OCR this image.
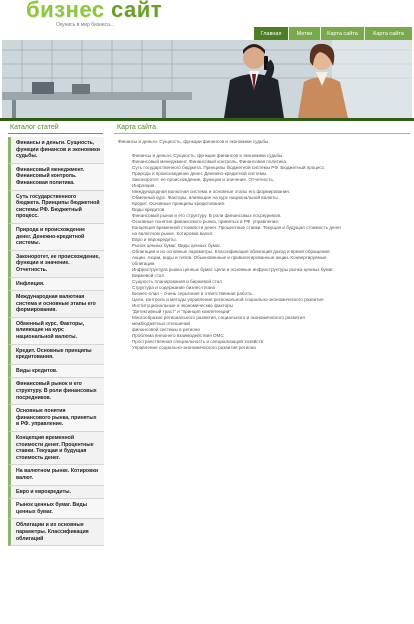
бизнес сайт
Окунись в мир бизнеса...
Главная	Метки	Карта сайта	Карта сайта
Каталог статей
Финансы и деньги. Сущность, функции финансов и экономики судьбы.
Финансовый менеджмент. Финансовый контроль. Финансовая политика.
Суть государственного бюджета. Принципы бюджетной системы РФ. Бюджетный процесс.
Природа и происхождение денег. Денежно-кредитной системы.
Законоротет, ее происхождение, функции и значение. Отчетность.
Инфляция.
Международная валютная система и основные этапы его формирования.
Обменный курс. Факторы, влияющие на курс национальной валюты.
Кредит. Основные принципы кредитования.
Виды кредитов.
Финансовый рынок и его структуру. В роли финансовых посредников.
Основные понятия финансового рынка, принятых в РФ. управление.
Концепция временной стоимости денег. Процентные ставки. Текущая и будущая стоимость денег.
На валютном рынке. Котировки валют.
Евро и еврокредиты.
Рынок ценных бумаг. Виды ценных бумаг.
Облигации и их основные параметры. Классификация облигаций
Карта сайта
Финансы и деньги. Сущность, функции финансов и экономики судьбы.
Финансы и деньги. Сущность, функции финансов и экономики судьбы.
Финансовый менеджмент. Финансовый контроль. Финансовая политика.
Суть государственного бюджета. Принципы бюджетной системы РФ. Бюджетный процесс.
Природа и происхождение денег. Денежно-кредитной системы.
Законоротет, ее происхождение, функции и значение. Отчетность.
Инфляция.
Международная валютная система и основные этапы его формирования.
Обменный курс. Факторы, влияющие на курс национальной валюты.
Кредит. Основные принципы кредитования.
Виды кредитов.
Финансовый рынок и его структуру. В роли финансовых посредников.
Основные понятия финансового рынка, принятых в РФ. управление.
Концепция временной стоимости денег. Процентные ставки. Текущая и будущая стоимость денег
на валютном рынке. Котировки валют.
Евро и еврокредиты.
Рынок ценных бумаг. Виды ценных бумаг.
Облигации и их основные параметры. Классификация облигаций доход и время обращения.
Акции. Акции, виды и типов. Обыкновенные и привилегированные акции. Конвертируемые
облигации.
Инфраструктура рынка ценных бумаг. Цели и основные инфраструктуры рынка ценных бумаг.
Биржевой стал
Сущность планирования и биржевой стал
Структура и содержание бизнес-плана
Бизнес-план – очень серьезная и ответственная работа.
Цели, контроль и методы управления региональной социально-экономического развития
Институциональные и экономические факторы
"Детективный траст" и "принцип компетенции"
Многообразие регионального развития, социального и экономического развития
межбюджетных отношений
финансовой системы в регионе
Проблема внешнего взаимодействия ОМС
Пространственная специальность и специализация хозяйств
Управление социально-экономического развития региона
